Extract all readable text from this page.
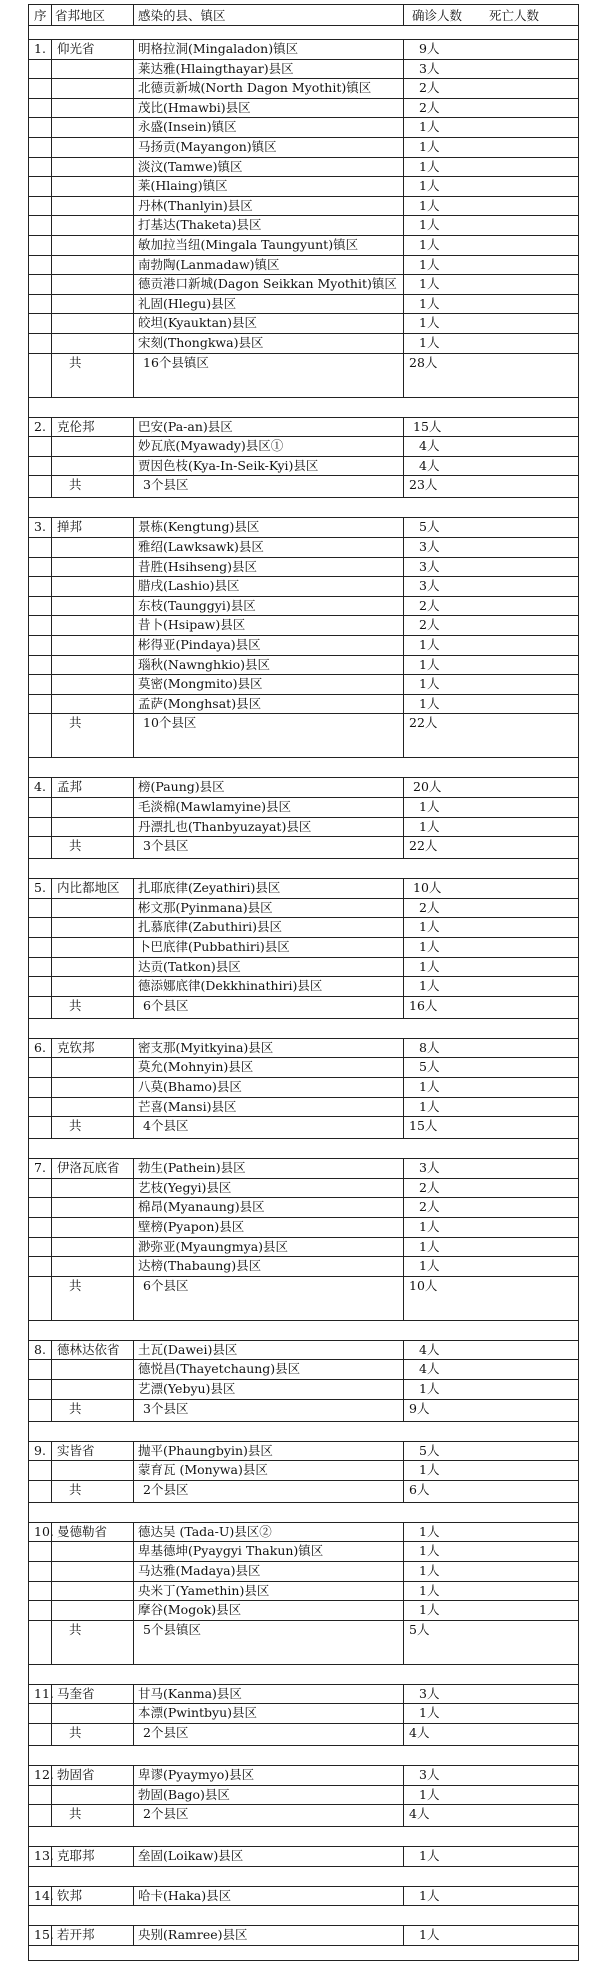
序 省邦地区	感染的县、镇区	确诊人数 死亡人数
1. 仰光省	明格拉洞(Mingaladon)镇区	9人
莱达雅(Hlaingthayar)县区	3人
北德贡新城(North Dagon Myothit)镇区	2人
茂比(Hmawbi)县区	2人
永盛(Insein)镇区	1人
马扬贡(Mayangon)镇区	1人
淡汶(Tamwe)镇区	1人
莱(Hlaing)镇区	1人
丹林(Thanlyin)县区	1人
打基达(Thaketa)县区	1人
敏加拉当纽(Mingala Taungyunt)镇区	1人
南勃陶(Lanmadaw)镇区	1人
德贡港口新城(Dagon Seikkan Myothit)镇区 1人
礼固(Hlegu)县区	1人
皎坦(Kyauktan)县区	1人
宋刻(Thongkwa)县区	1人
共	16个县镇区	28人
2. 克伦邦	巴安(Pa-an)县区	15人
妙瓦底(Myawady)县区①	4人
贾因色枝(Kya-In-Seik-Kyi)县区	4人
共	3个县区	23人
3. 掸邦	景栋(Kengtung)县区	5人
雅绍(Lawksawk)县区	3人
昔胜(Hsihseng)县区	3人
腊戌(Lashio)县区	3人
东枝(Taunggyi)县区	2人
昔卜(Hsipaw)县区	2人
彬得亚(Pindaya)县区	1人
瑙秋(Nawnghkio)县区	1人
莫密(Mongmito)县区	1人
孟萨(Monghsat)县区	1人
共	10个县区	22人
4. 孟邦	榜(Paung)县区	20人
毛淡棉(Mawlamyine)县区	1人
丹漂扎也(Thanbyuzayat)县区	1人
共	3个县区	22人
5. 内比都地区 扎耶底律(Zeyathiri)县区	10人
彬文那(Pyinmana)县区	2人
扎慕底律(Zabuthiri)县区	1人
卜巴底律(Pubbathiri)县区	1人
达贡(Tatkon)县区	1人
德添娜底律(Dekkhinathiri)县区	1人
共	6个县区	16人
6. 克钦邦	密支那(Myitkyina)县区	8人
莫允(Mohnyin)县区	5人
八莫(Bhamo)县区	1人
芒喜(Mansi)县区	1人
共	4个县区	15人
7. 伊洛瓦底省 勃生(Pathein)县区	3人
艺枝(Yegyi)县区	2人
棉昂(Myanaung)县区	2人
壁榜(Pyapon)县区	1人
渺弥亚(Myaungmya)县区	1人
达榜(Thabaung)县区	1人
共	6个县区	10人
8. 德林达依省 土瓦(Dawei)县区	4人
德悦昌(Thayetchaung)县区	4人
艺漂(Yebyu)县区	1人
共	3个县区	9人
9. 实皆省	抛平(Phaungbyin)县区	5人
蒙育瓦 (Monywa)县区	1人
共	2个县区	6人
10. 曼德勒省 德达吴 (Tada-U)县区②	1人
卑基德坤(Pyaygyi Thakun)镇区	1人
马达雅(Madaya)县区	1人
央米丁(Yamethin)县区	1人
摩谷(Mogok)县区	1人
共	5个县镇区	5人
11. 马奎省	甘马(Kanma)县区	3人
本漂(Pwintbyu)县区	1人
共	2个县区	4人
12. 勃固省	卑谬(Pyaymyo)县区	3人
勃固(Bago)县区	1人
共	2个县区	4人
13. 克耶邦	垒固(Loikaw)县区	1人
14. 钦邦	哈卡(Haka)县区	1人
15. 若开邦	央别(Ramree)县区	1人
